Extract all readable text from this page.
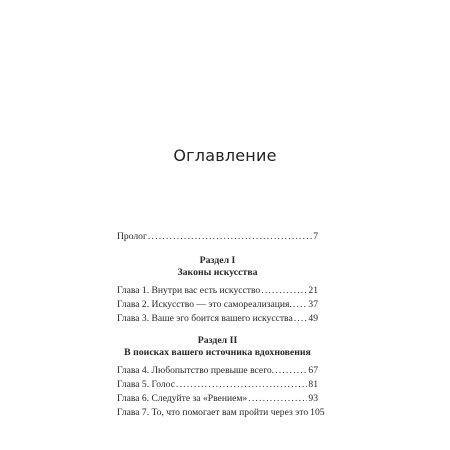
Оглавление
Пролог .....	7
Раздел I
Законы искусства
Глава 1. Внутри вас есть искусство .....	21
Глава 2. Искусство — это самореализация. ..... 37
Глава 3. Ваше эго боится вашего искусства ..... 49
Раздел II
В поисках вашего источника вдохновения
Глава 4. Любопытство превыше всего. .....	67
Глава 5. Голос .....	81
Глава 6. Следуйте за «Рвением» .....	93
Глава 7. То, что помогает вам пройти через это 105
